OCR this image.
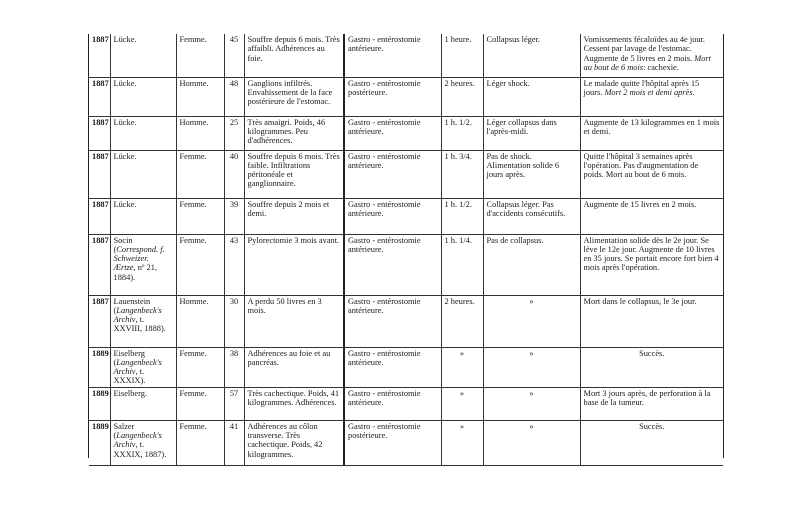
1887	Lücke.	Femme.	45	Souffre depuis 6 mois. Très affaibli. Adhérences au foie.	Gastro - entérostomie antérieure.	1 heure.	Collapsus léger.	Vomissements fécaloïdes au 4e jour. Cessent par lavage de l'estomac. Augmente de 5 livres en 2 mois. Mort au bout de 6 mois: cachexie.
1887	Lücke.	Homme.	48	Ganglions infiltrés. Envahissement de la face postérieure de l'estomac.	Gastro - entérostomie postérieure.	2 heures.	Léger shock.	Le malade quitte l'hôpital après 15 jours. Mort 2 mois et demi après.
1887	Lücke.	Homme.	25	Très amaigri. Poids, 46 kilogrammes. Peu d'adhérences.	Gastro - entérostomie antérieure.	1 h. 1/2.	Léger collapsus dans l'après-midi.	Augmente de 13 kilogrammes en 1 mois et demi.
1887	Lücke.	Femme.	40	Souffre depuis 6 mois. Très faible. Infiltrations péritonéale et ganglionnaire.	Gastro - entérostomie antérieure.	1 h. 3/4.	Pas de shock. Alimentation solide 6 jours après.	Quitte l'hôpital 3 semaines après l'opération. Pas d'augmentation de poids. Mort au bout de 6 mois.
1887	Lücke.	Femme.	39	Souffre depuis 2 mois et demi.	Gastro - entérostomie antérieure.	1 h. 1/2.	Collapsus léger. Pas d'accidents consécutifs.	Augmente de 15 livres en 2 mois.
1887	Socin (Correspond. f. Schweizer. Ærtze, nº 21, 1884).	Femme.	43	Pylorectomie 3 mois avant.	Gastro - entérostomie antérieure.	1 h. 1/4.	Pas de collapsus.	Alimentation solide dès le 2e jour. Se lève le 12e jour. Augmente de 10 livres en 35 jours. Se portait encore fort bien 4 mois après l'opération.
1887	Lauenstein (Langenbeck's Archiv, t. XXVIII, 1888).	Homme.	30	A perdu 50 livres en 3 mois.	Gastro - entérostomie antérieure.	2 heures.	»	Mort dans le collapsus, le 3e jour.
1889	Eiselberg (Langenbeck's Archiv, t. XXXIX).	Femme.	38	Adhérences au foie et au pancréas.	Gastro - entérostomie antérieure.	»	»	Succès.
1889	Eiselberg.	Femme.	57	Très cachectique. Poids, 41 kilogrammes. Adhérences.	Gastro - entérostomie antérieure.	»	»	Mort 3 jours après, de perforation à la base de la tumeur.
1889	Salzer (Langenbeck's Archiv, t. XXXIX, 1887).	Femme.	41	Adhérences au côlon transverse. Très cachectique. Poids, 42 kilogrammes.	Gastro - entérostomie postérieure.	»	»	Succès.
